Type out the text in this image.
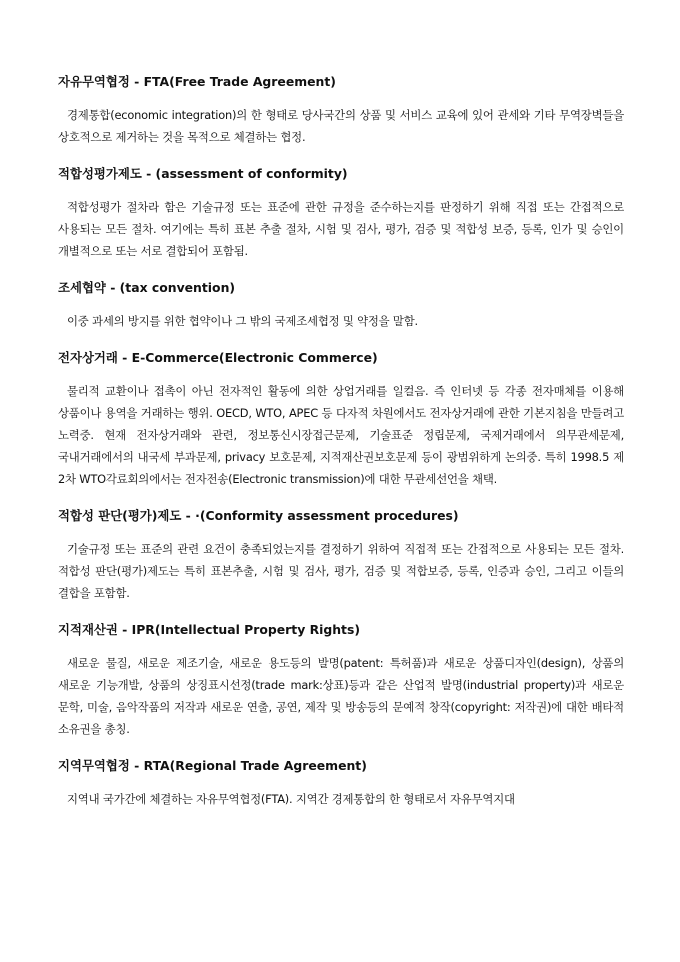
자유무역협정 - FTA(Free Trade Agreement)

경제통합(economic integration)의 한 형태로 당사국간의 상품 및 서비스 교육에 있어 관세와 기타 무역장벽들을 상호적으로 제거하는 것을 목적으로 체결하는 협정.

적합성평가제도 - (assessment of conformity)

적합성평가 절차라 함은 기술규정 또는 표준에 관한 규정을 준수하는지를 판정하기 위해 직접 또는 간접적으로 사용되는 모든 절차. 여기에는 특히 표본 추출 절차, 시험 및 검사, 평가, 검증 및 적합성 보증, 등록, 인가 및 승인이 개별적으로 또는 서로 결합되어 포함됨.

조세협약 - (tax convention)

이중 과세의 방지를 위한 협약이나 그 밖의 국제조세협정 및 약정을 말함.

전자상거래 - E-Commerce(Electronic Commerce)

물리적 교환이나 접촉이 아닌 전자적인 활동에 의한 상업거래를 일컬음. 즉 인터넷 등 각종 전자매체를 이용해 상품이나 용역을 거래하는 행위. OECD, WTO, APEC 등 다자적 차원에서도 전자상거래에 관한 기본지침을 만들려고 노력중. 현재 전자상거래와 관련, 정보통신시장접근문제, 기술표준 정립문제, 국제거래에서 의무관세문제, 국내거래에서의 내국세 부과문제, privacy 보호문제, 지적재산권보호문제 등이 광범위하게 논의중. 특히 1998.5 제 2차 WTO각료회의에서는 전자전송(Electronic transmission)에 대한 무관세선언을 채택.

적합성 판단(평가)제도 - ·(Conformity assessment procedures)

기술규정 또는 표준의 관련 요건이 충족되었는지를 결정하기 위하여 직접적 또는 간접적으로 사용되는 모든 절차. 적합성 판단(평가)제도는 특히 표본추출, 시험 및 검사, 평가, 검증 및 적합보증, 등록, 인증과 승인, 그리고 이들의 결합을 포함함.

지적재산권 - IPR(Intellectual Property Rights)

새로운 물질, 새로운 제조기술, 새로운 용도등의 발명(patent: 특허품)과 새로운 상품디자인(design), 상품의 새로운 기능개발, 상품의 상징표시선정(trade mark:상표)등과 같은 산업적 발명(industrial property)과 새로운 문학, 미술, 음악작품의 저작과 새로운 연출, 공연, 제작 및 방송등의 문예적 창작(copyright: 저작권)에 대한 배타적 소유권을 총칭.

지역무역협정 - RTA(Regional Trade Agreement)

지역내 국가간에 체결하는 자유무역협정(FTA). 지역간 경제통합의 한 형태로서 자유무역지대
